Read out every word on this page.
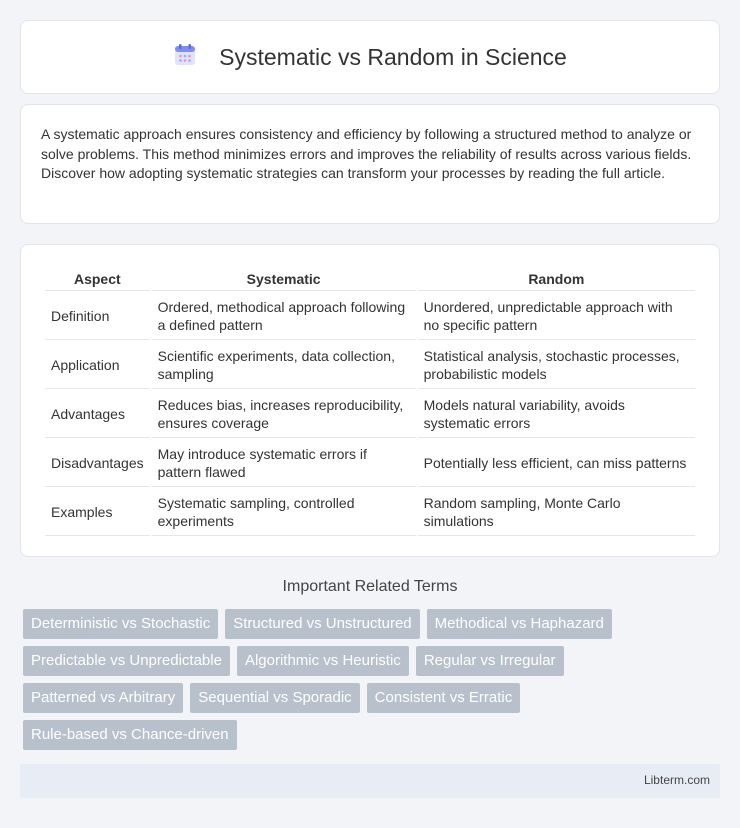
Systematic vs Random in Science

A systematic approach ensures consistency and efficiency by following a structured method to analyze or solve problems. This method minimizes errors and improves the reliability of results across various fields. Discover how adopting systematic strategies can transform your processes by reading the full article.

Aspect	Systematic	Random
Definition	Ordered, methodical approach following a defined pattern	Unordered, unpredictable approach with no specific pattern
Application	Scientific experiments, data collection, sampling	Statistical analysis, stochastic processes, probabilistic models
Advantages	Reduces bias, increases reproducibility, ensures coverage	Models natural variability, avoids systematic errors
Disadvantages	May introduce systematic errors if pattern flawed	Potentially less efficient, can miss patterns
Examples	Systematic sampling, controlled experiments	Random sampling, Monte Carlo simulations
Important Related Terms
Deterministic vs Stochastic	Structured vs Unstructured	Methodical vs Haphazard
Predictable vs Unpredictable	Algorithmic vs Heuristic	Regular vs Irregular
Patterned vs Arbitrary	Sequential vs Sporadic	Consistent vs Erratic
Rule-based vs Chance-driven
Libterm.com
